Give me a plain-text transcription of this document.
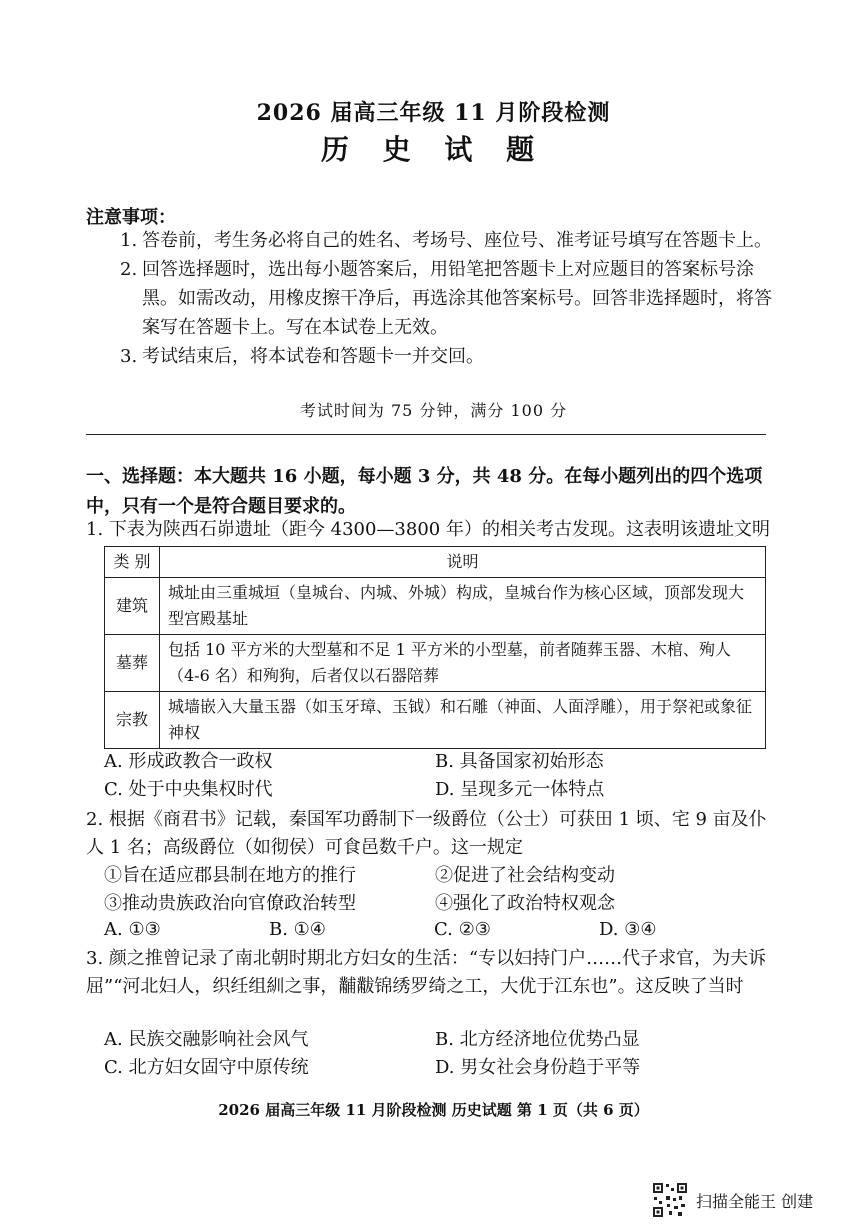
2026 届高三年级 11 月阶段检测
历 史 试 题
注意事项：
1. 答卷前，考生务必将自己的姓名、考场号、座位号、准考证号填写在答题卡上。
2. 回答选择题时，选出每小题答案后，用铅笔把答题卡上对应题目的答案标号涂黑。如需改动，用橡皮擦干净后，再选涂其他答案标号。回答非选择题时，将答案写在答题卡上。写在本试卷上无效。
3. 考试结束后，将本试卷和答题卡一并交回。
考试时间为 75 分钟，满分 100 分
一、选择题：本大题共 16 小题，每小题 3 分，共 48 分。在每小题列出的四个选项中，只有一个是符合题目要求的。
1. 下表为陕西石峁遗址（距今 4300—3800 年）的相关考古发现。这表明该遗址文明
类 别	说明
建筑	城址由三重城垣（皇城台、内城、外城）构成，皇城台作为核心区域，顶部发现大型宫殿基址
墓葬	包括 10 平方米的大型墓和不足 1 平方米的小型墓，前者随葬玉器、木棺、殉人（4-6 名）和殉狗，后者仅以石器陪葬
宗教	城墙嵌入大量玉器（如玉牙璋、玉钺）和石雕（神面、人面浮雕），用于祭祀或象征神权
A. 形成政教合一政权	B. 具备国家初始形态
C. 处于中央集权时代	D. 呈现多元一体特点
2. 根据《商君书》记载，秦国军功爵制下一级爵位（公士）可获田 1 顷、宅 9 亩及仆人 1 名；高级爵位（如彻侯）可食邑数千户。这一规定
①旨在适应郡县制在地方的推行	②促进了社会结构变动
③推动贵族政治向官僚政治转型	④强化了政治特权观念
A. ①③	B. ①④	C. ②③	D. ③④
3. 颜之推曾记录了南北朝时期北方妇女的生活：“专以妇持门户……代子求官，为夫诉屈”“河北妇人，织纴组紃之事，黼黻锦绣罗绮之工，大优于江东也”。这反映了当时
A. 民族交融影响社会风气	B. 北方经济地位优势凸显
C. 北方妇女固守中原传统	D. 男女社会身份趋于平等
2026 届高三年级 11 月阶段检测 历史试题 第 1 页（共 6 页）
扫描全能王 创建
